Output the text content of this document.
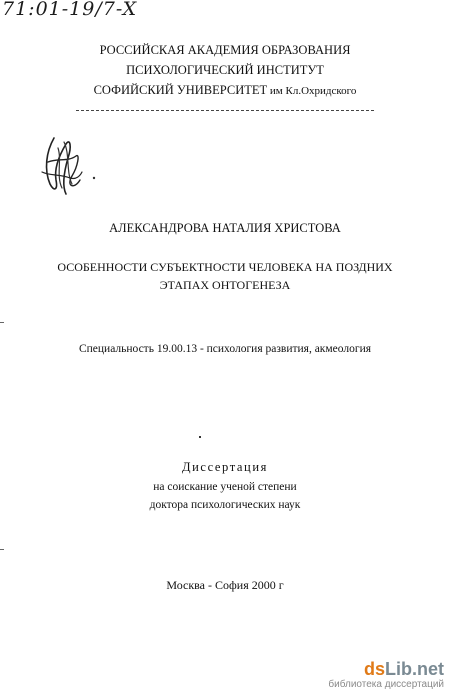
71:01-19/7-X
РОССИЙСКАЯ АКАДЕМИЯ ОБРАЗОВАНИЯ
ПСИХОЛОГИЧЕСКИЙ ИНСТИТУТ
СОФИЙСКИЙ УНИВЕРСИТЕТ им Кл.Охридского
АЛЕКСАНДРОВА НАТАЛИЯ ХРИСТОВА
ОСОБЕННОСТИ СУБЪЕКТНОСТИ ЧЕЛОВЕКА НА ПОЗДНИХ
ЭТАПАХ ОНТОГЕНЕЗА
Специальность 19.00.13 - психология развития, акмеология
Диссертация
на соискание ученой степени
доктора психологических наук
Москва - София 2000 г
dsLib.net
библиотека диссертаций
